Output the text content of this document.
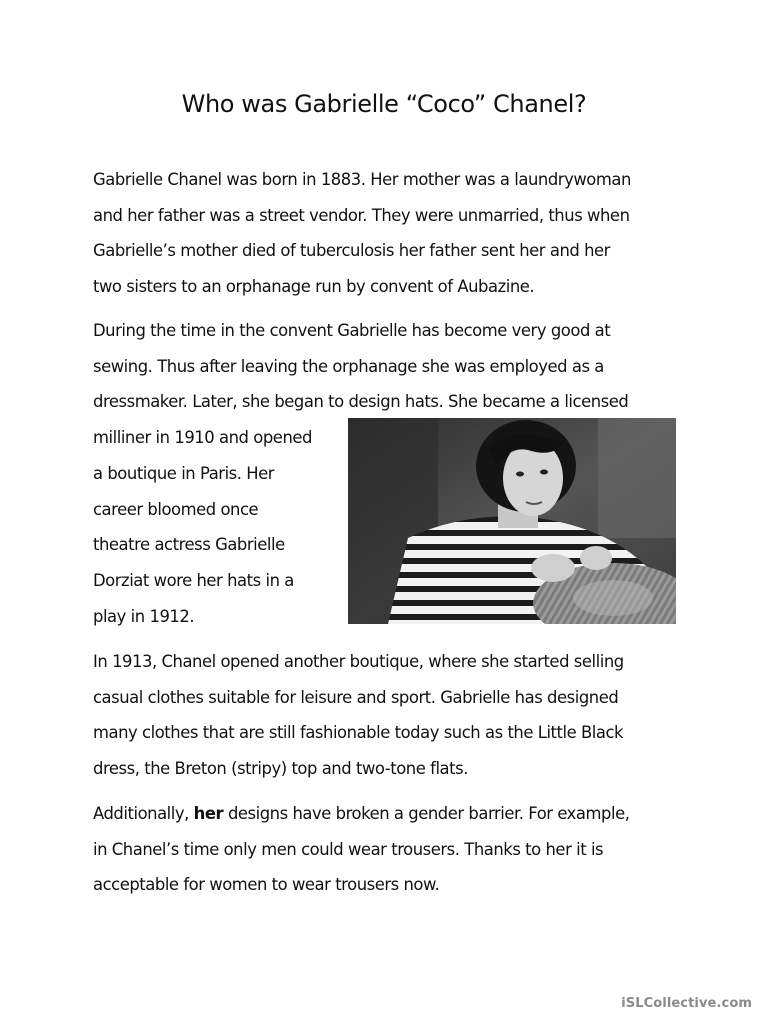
Who was Gabrielle “Coco” Chanel?

Gabrielle Chanel was born in 1883. Her mother was a laundrywoman
and her father was a street vendor. They were unmarried, thus when
Gabrielle’s mother died of tuberculosis her father sent her and her
two sisters to an orphanage run by convent of Aubazine.

During the time in the convent Gabrielle has become very good at
sewing. Thus after leaving the orphanage she was employed as a
dressmaker. Later, she began to design hats. She became a licensed
milliner in 1910 and opened
a boutique in Paris. Her
career bloomed once
theatre actress Gabrielle
Dorziat wore her hats in a
play in 1912.

In 1913, Chanel opened another boutique, where she started selling
casual clothes suitable for leisure and sport. Gabrielle has designed
many clothes that are still fashionable today such as the Little Black
dress, the Breton (stripy) top and two-tone flats.

Additionally, her designs have broken a gender barrier. For example,
in Chanel’s time only men could wear trousers. Thanks to her it is
acceptable for women to wear trousers now.

iSLCollective.com
